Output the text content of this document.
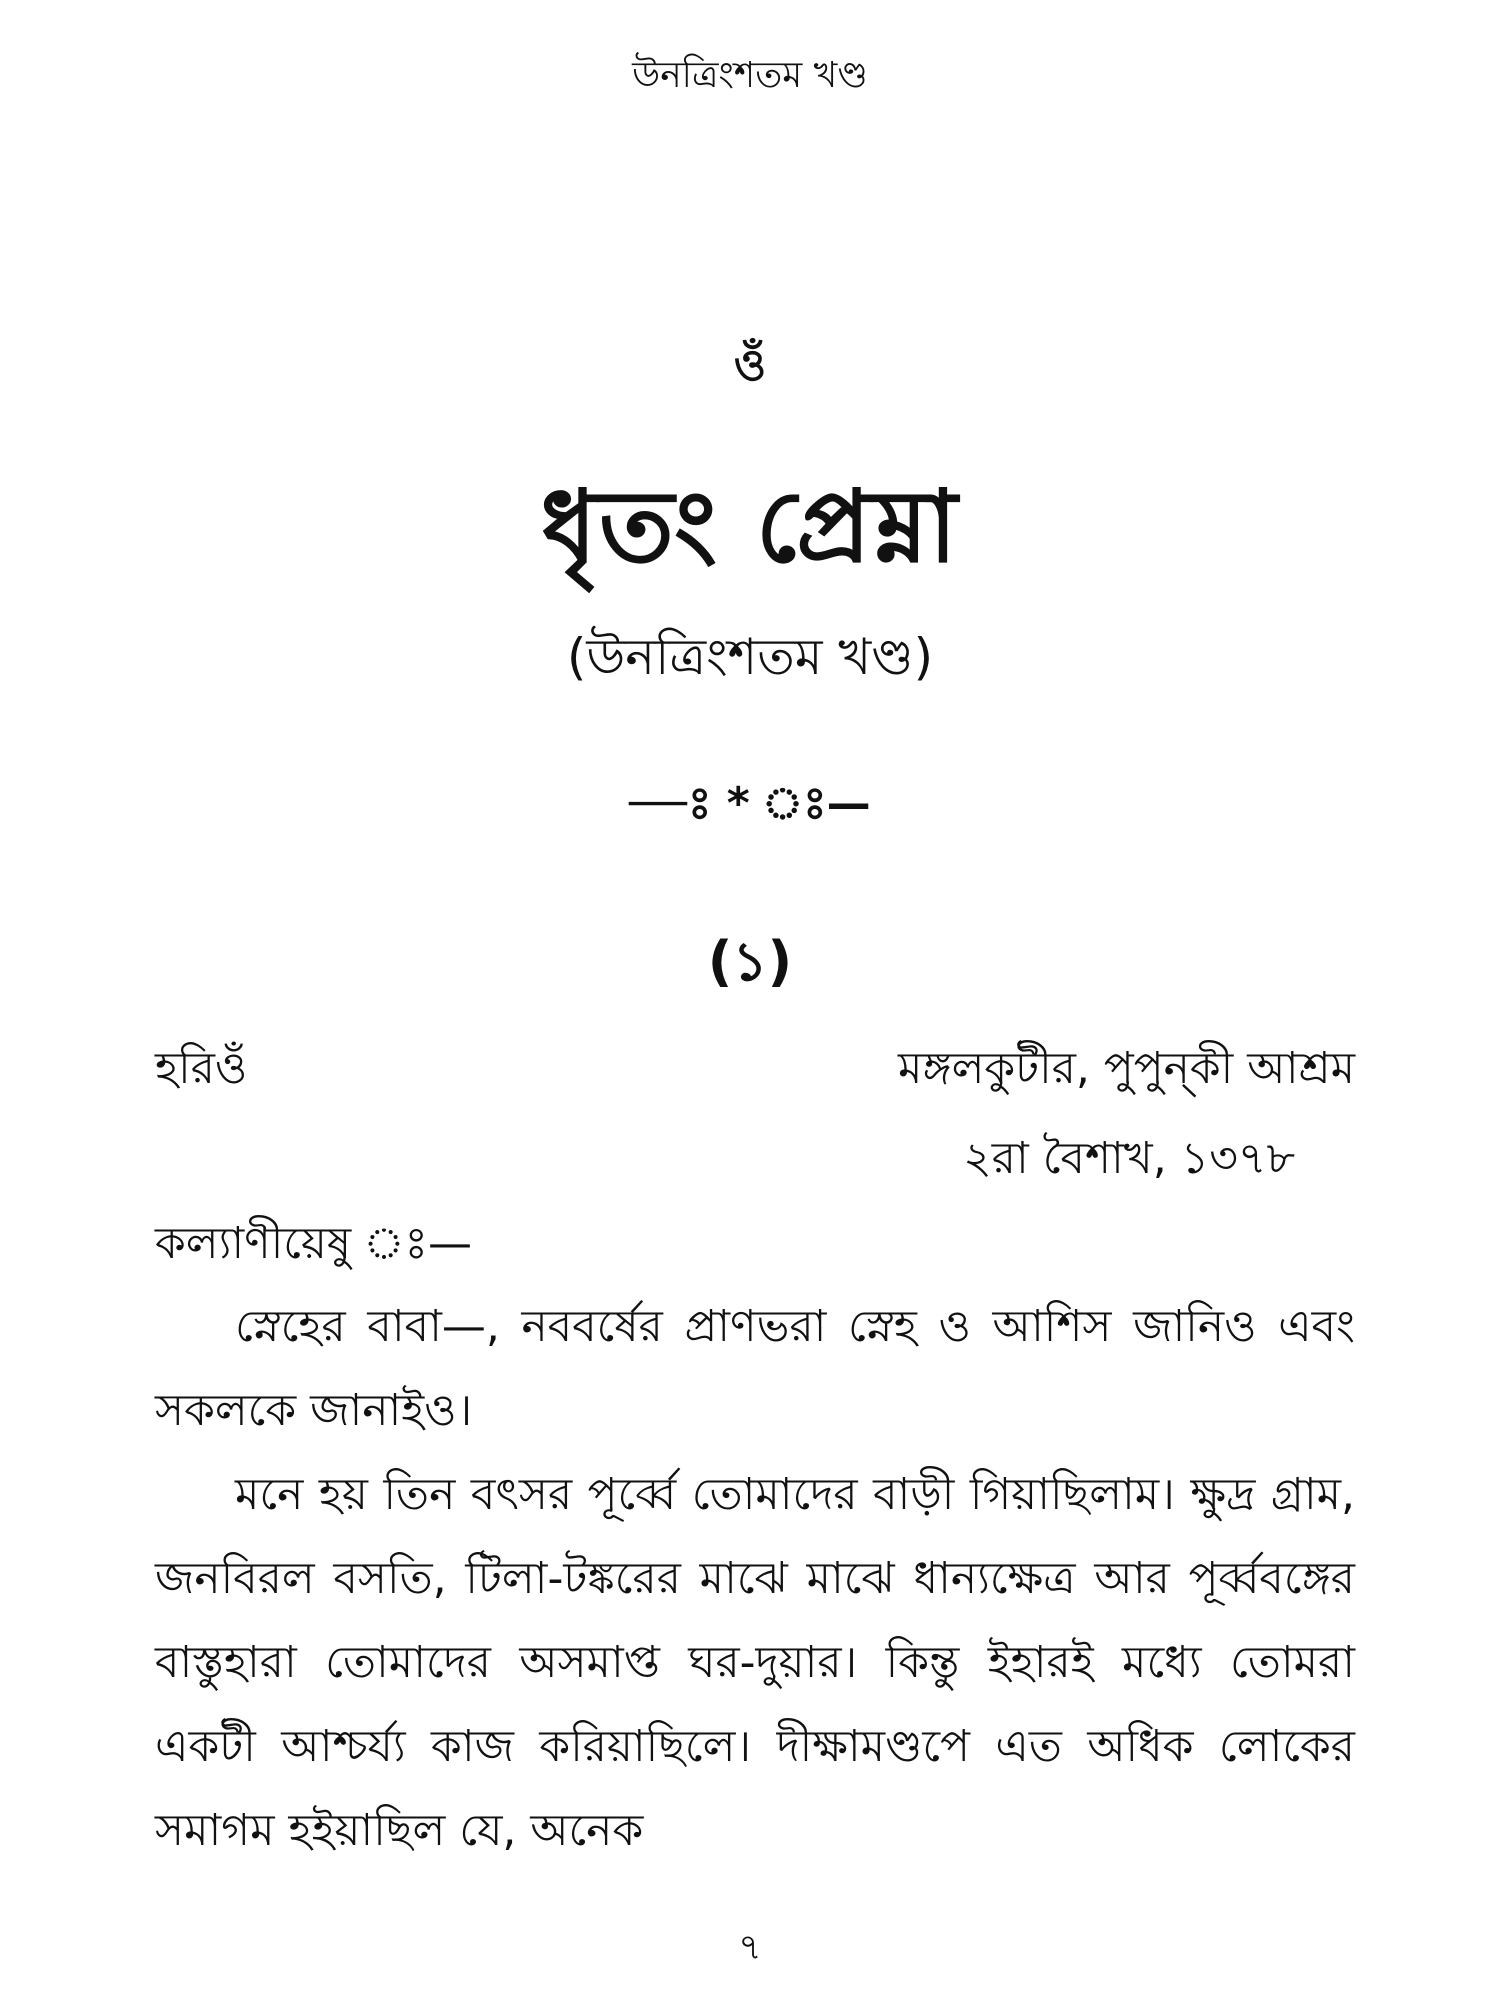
উনত্রিংশতম খণ্ড
ওঁ
ধৃতং প্রেম্না
(উনত্রিংশতম খণ্ড)
—ঃ * ঃ—
(১)
হরিওঁ	মঙ্গলকুটীর, পুপুন্‌কী আশ্রম
২রা বৈশাখ, ১৩৭৮
কল্যাণীয়েষু ঃ—

স্নেহের বাবা—, নববর্ষের প্রাণভরা স্নেহ ও আশিস জানিও এবং সকলকে জানাইও।

মনে হয় তিন বৎসর পূর্ব্বে তোমাদের বাড়ী গিয়াছিলাম। ক্ষুদ্র গ্রাম, জনবিরল বসতি, টিলা-টঙ্করের মাঝে মাঝে ধান্যক্ষেত্র আর পূর্ব্ববঙ্গের বাস্তুহারা তোমাদের অসমাপ্ত ঘর-দুয়ার। কিন্তু ইহারই মধ্যে তোমরা একটী আশ্চর্য্য কাজ করিয়াছিলে। দীক্ষামণ্ডপে এত অধিক লোকের সমাগম হইয়াছিল যে, অনেক

৭
